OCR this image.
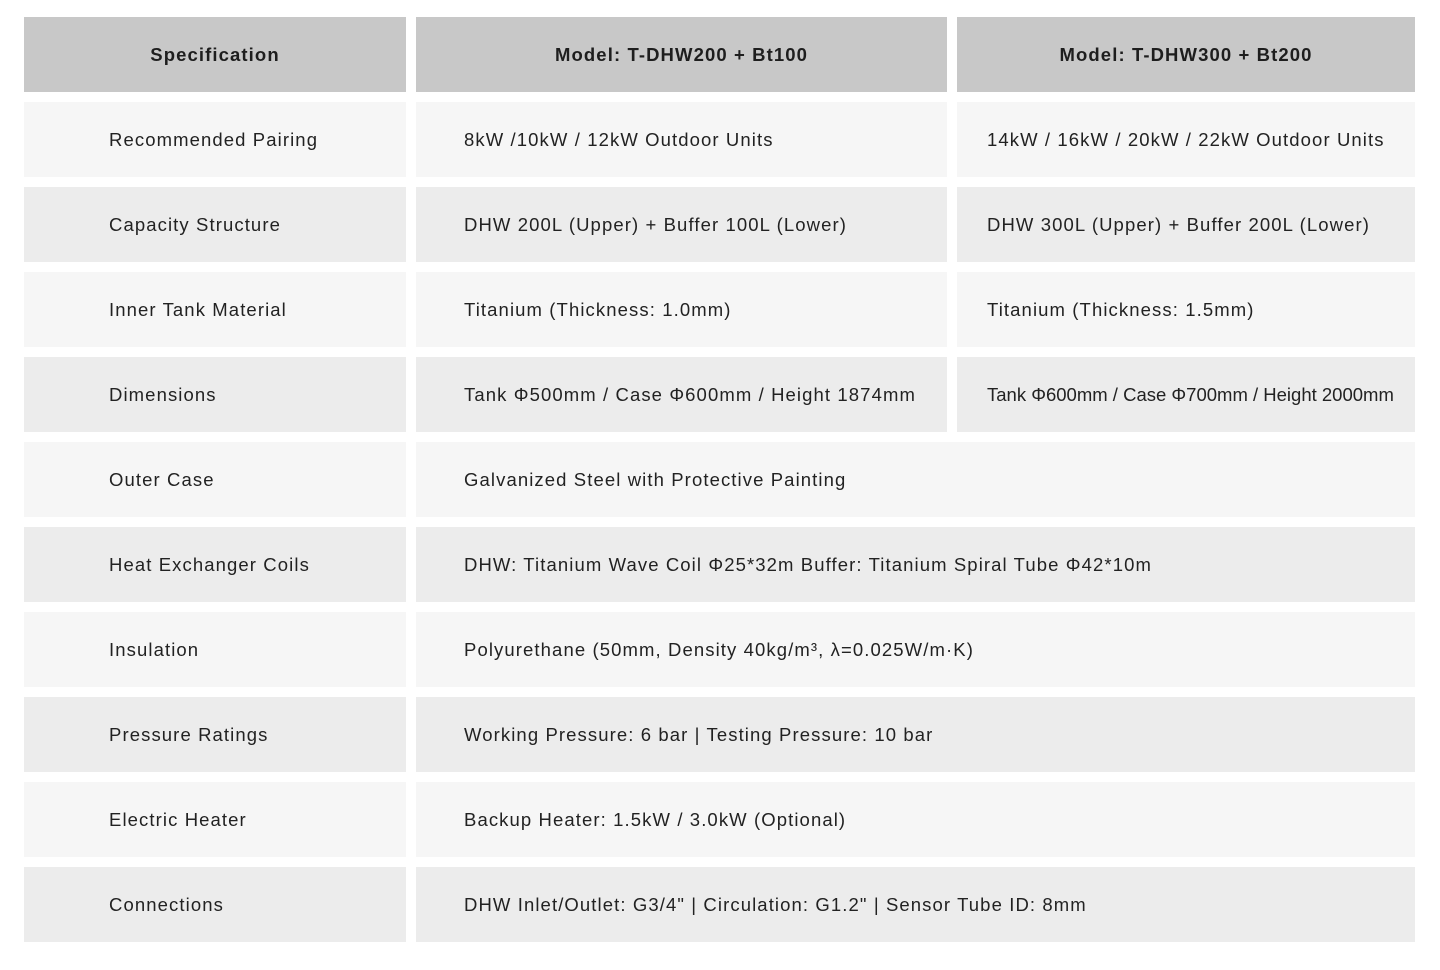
Specification	Model: T-DHW200 + Bt100	Model: T-DHW300 + Bt200
Recommended Pairing	8kW /10kW / 12kW Outdoor Units	14kW / 16kW / 20kW / 22kW Outdoor Units
Capacity Structure	DHW 200L (Upper) + Buffer 100L (Lower)	DHW 300L (Upper) + Buffer 200L (Lower)
Inner Tank Material	Titanium (Thickness: 1.0mm)	Titanium (Thickness: 1.5mm)
Dimensions	Tank Φ500mm / Case Φ600mm / Height 1874mm	Tank Φ600mm / Case Φ700mm / Height 2000mm
Outer Case	Galvanized Steel with Protective Painting
Heat Exchanger Coils	DHW: Titanium Wave Coil Φ25*32m Buffer: Titanium Spiral Tube Φ42*10m
Insulation	Polyurethane (50mm, Density 40kg/m³, λ=0.025W/m·K)
Pressure Ratings	Working Pressure: 6 bar | Testing Pressure: 10 bar
Electric Heater	Backup Heater: 1.5kW / 3.0kW (Optional)
Connections	DHW Inlet/Outlet: G3/4" | Circulation: G1.2" | Sensor Tube ID: 8mm
